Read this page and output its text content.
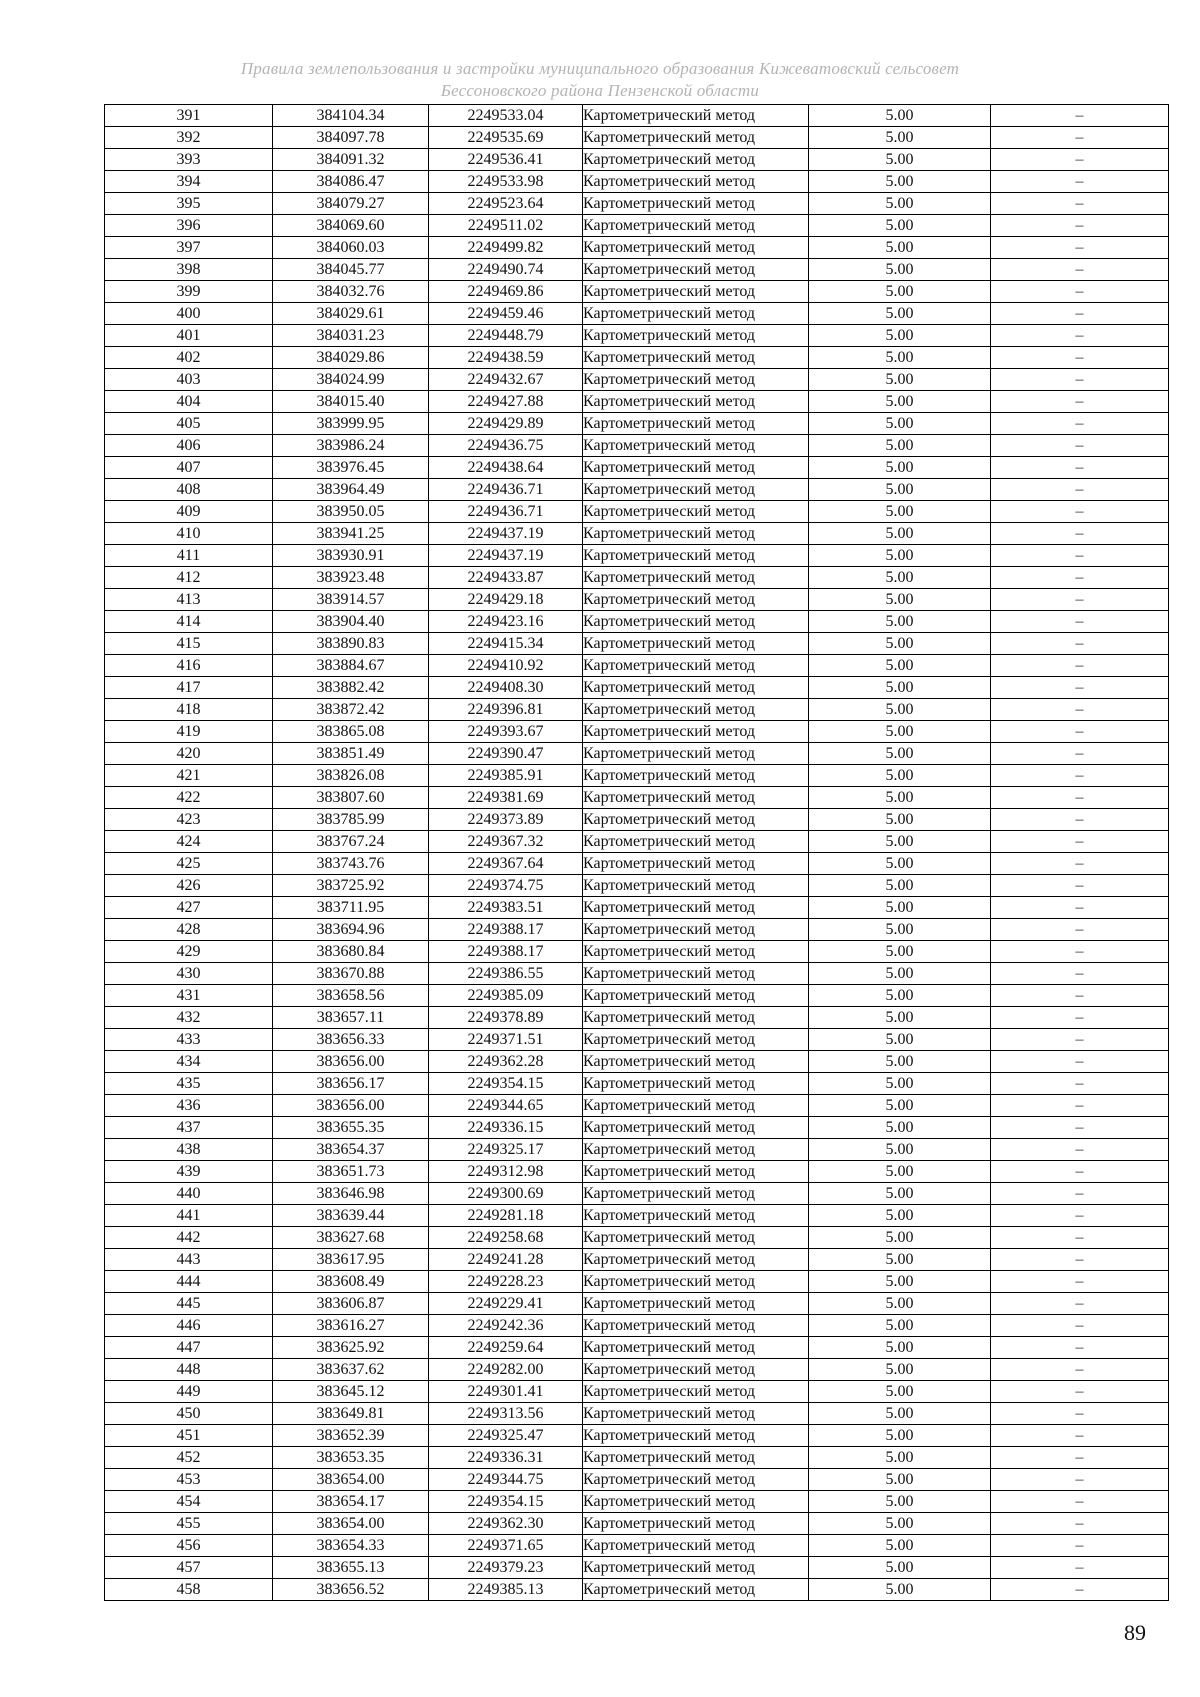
Правила землепользования и застройки муниципального образования Кижеватовский сельсовет
Бессоновского района Пензенской области
391	384104.34	2249533.04	Картометрический метод	5.00	–
392	384097.78	2249535.69	Картометрический метод	5.00	–
393	384091.32	2249536.41	Картометрический метод	5.00	–
394	384086.47	2249533.98	Картометрический метод	5.00	–
395	384079.27	2249523.64	Картометрический метод	5.00	–
396	384069.60	2249511.02	Картометрический метод	5.00	–
397	384060.03	2249499.82	Картометрический метод	5.00	–
398	384045.77	2249490.74	Картометрический метод	5.00	–
399	384032.76	2249469.86	Картометрический метод	5.00	–
400	384029.61	2249459.46	Картометрический метод	5.00	–
401	384031.23	2249448.79	Картометрический метод	5.00	–
402	384029.86	2249438.59	Картометрический метод	5.00	–
403	384024.99	2249432.67	Картометрический метод	5.00	–
404	384015.40	2249427.88	Картометрический метод	5.00	–
405	383999.95	2249429.89	Картометрический метод	5.00	–
406	383986.24	2249436.75	Картометрический метод	5.00	–
407	383976.45	2249438.64	Картометрический метод	5.00	–
408	383964.49	2249436.71	Картометрический метод	5.00	–
409	383950.05	2249436.71	Картометрический метод	5.00	–
410	383941.25	2249437.19	Картометрический метод	5.00	–
411	383930.91	2249437.19	Картометрический метод	5.00	–
412	383923.48	2249433.87	Картометрический метод	5.00	–
413	383914.57	2249429.18	Картометрический метод	5.00	–
414	383904.40	2249423.16	Картометрический метод	5.00	–
415	383890.83	2249415.34	Картометрический метод	5.00	–
416	383884.67	2249410.92	Картометрический метод	5.00	–
417	383882.42	2249408.30	Картометрический метод	5.00	–
418	383872.42	2249396.81	Картометрический метод	5.00	–
419	383865.08	2249393.67	Картометрический метод	5.00	–
420	383851.49	2249390.47	Картометрический метод	5.00	–
421	383826.08	2249385.91	Картометрический метод	5.00	–
422	383807.60	2249381.69	Картометрический метод	5.00	–
423	383785.99	2249373.89	Картометрический метод	5.00	–
424	383767.24	2249367.32	Картометрический метод	5.00	–
425	383743.76	2249367.64	Картометрический метод	5.00	–
426	383725.92	2249374.75	Картометрический метод	5.00	–
427	383711.95	2249383.51	Картометрический метод	5.00	–
428	383694.96	2249388.17	Картометрический метод	5.00	–
429	383680.84	2249388.17	Картометрический метод	5.00	–
430	383670.88	2249386.55	Картометрический метод	5.00	–
431	383658.56	2249385.09	Картометрический метод	5.00	–
432	383657.11	2249378.89	Картометрический метод	5.00	–
433	383656.33	2249371.51	Картометрический метод	5.00	–
434	383656.00	2249362.28	Картометрический метод	5.00	–
435	383656.17	2249354.15	Картометрический метод	5.00	–
436	383656.00	2249344.65	Картометрический метод	5.00	–
437	383655.35	2249336.15	Картометрический метод	5.00	–
438	383654.37	2249325.17	Картометрический метод	5.00	–
439	383651.73	2249312.98	Картометрический метод	5.00	–
440	383646.98	2249300.69	Картометрический метод	5.00	–
441	383639.44	2249281.18	Картометрический метод	5.00	–
442	383627.68	2249258.68	Картометрический метод	5.00	–
443	383617.95	2249241.28	Картометрический метод	5.00	–
444	383608.49	2249228.23	Картометрический метод	5.00	–
445	383606.87	2249229.41	Картометрический метод	5.00	–
446	383616.27	2249242.36	Картометрический метод	5.00	–
447	383625.92	2249259.64	Картометрический метод	5.00	–
448	383637.62	2249282.00	Картометрический метод	5.00	–
449	383645.12	2249301.41	Картометрический метод	5.00	–
450	383649.81	2249313.56	Картометрический метод	5.00	–
451	383652.39	2249325.47	Картометрический метод	5.00	–
452	383653.35	2249336.31	Картометрический метод	5.00	–
453	383654.00	2249344.75	Картометрический метод	5.00	–
454	383654.17	2249354.15	Картометрический метод	5.00	–
455	383654.00	2249362.30	Картометрический метод	5.00	–
456	383654.33	2249371.65	Картометрический метод	5.00	–
457	383655.13	2249379.23	Картометрический метод	5.00	–
458	383656.52	2249385.13	Картометрический метод	5.00	–
89
